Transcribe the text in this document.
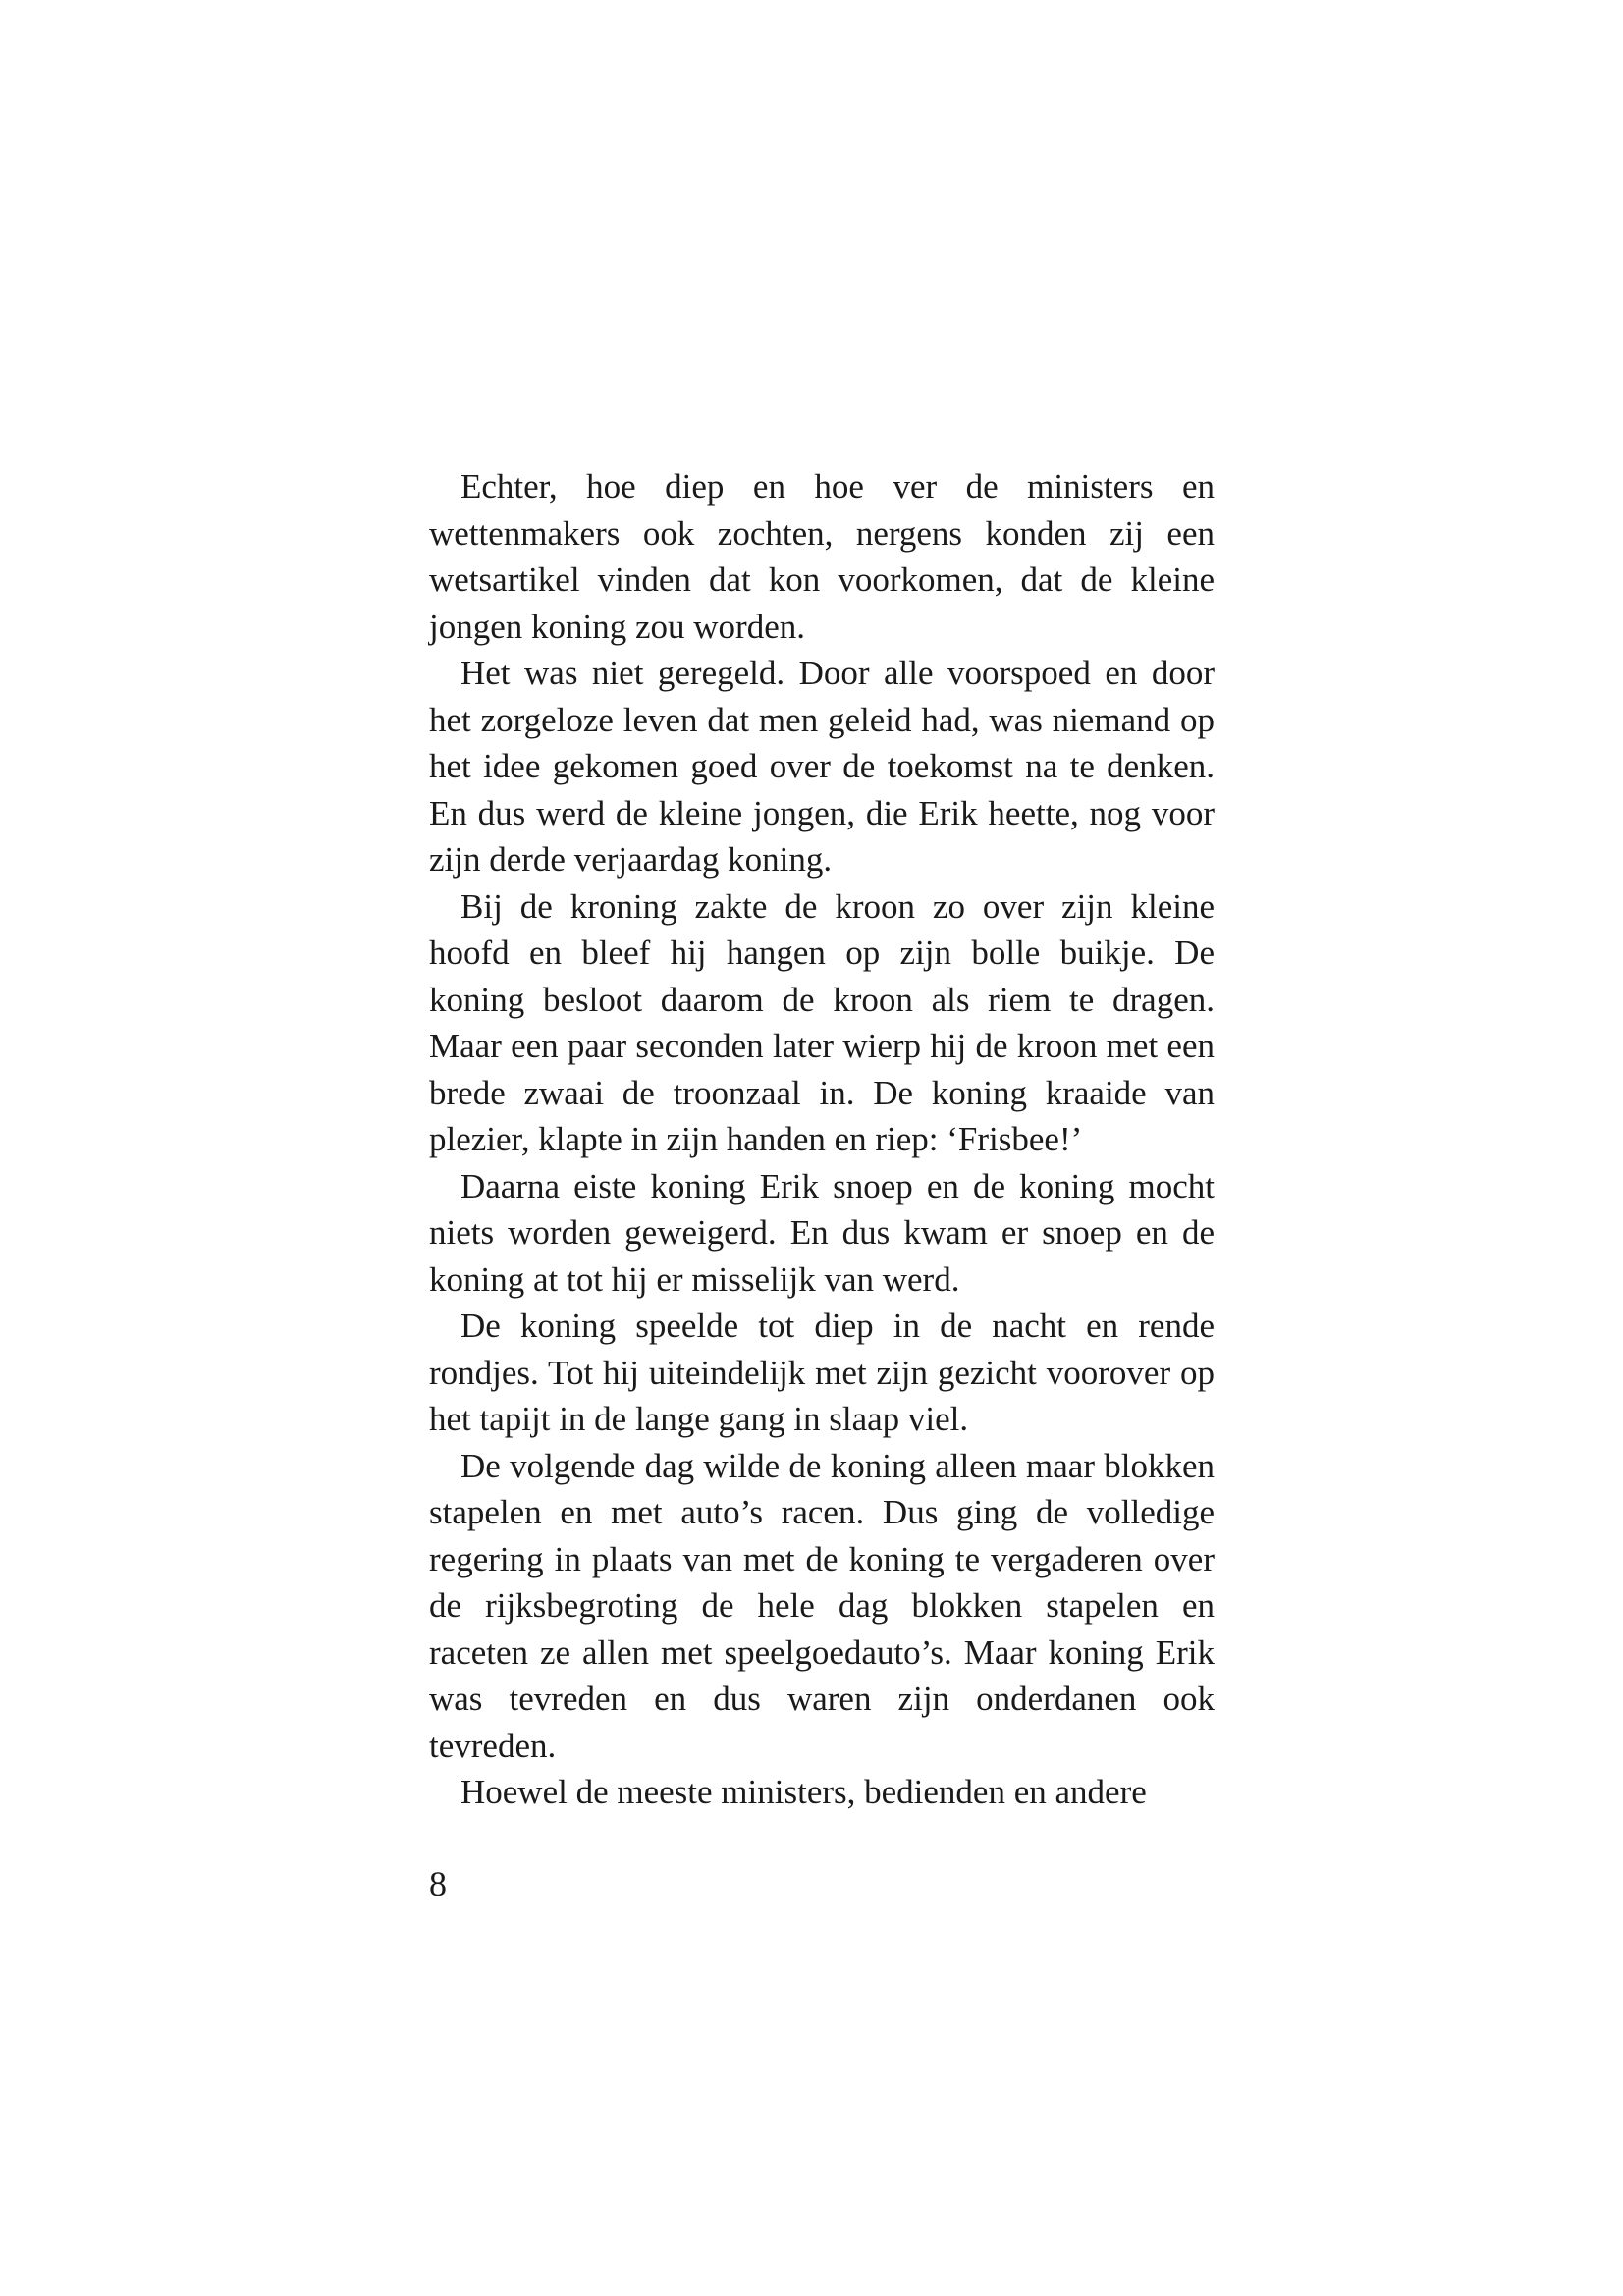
Echter, hoe diep en hoe ver de ministers en wettenmakers ook zochten, nergens konden zij een wetsartikel vinden dat kon voorkomen, dat de kleine jongen koning zou worden.

Het was niet geregeld. Door alle voorspoed en door het zorgeloze leven dat men geleid had, was niemand op het idee gekomen goed over de toekomst na te denken. En dus werd de kleine jongen, die Erik heette, nog voor zijn derde verjaardag koning.

Bij de kroning zakte de kroon zo over zijn kleine hoofd en bleef hij hangen op zijn bolle buikje. De koning besloot daarom de kroon als riem te dragen. Maar een paar seconden later wierp hij de kroon met een brede zwaai de troonzaal in. De koning kraaide van plezier, klapte in zijn handen en riep: ‘Frisbee!’

Daarna eiste koning Erik snoep en de koning mocht niets worden geweigerd. En dus kwam er snoep en de koning at tot hij er misselijk van werd.

De koning speelde tot diep in de nacht en rende rondjes. Tot hij uiteindelijk met zijn gezicht voorover op het tapijt in de lange gang in slaap viel.

De volgende dag wilde de koning alleen maar blokken stapelen en met auto’s racen. Dus ging de volledige regering in plaats van met de koning te vergaderen over de rijksbegroting de hele dag blokken stapelen en raceten ze allen met speelgoedauto’s. Maar koning Erik was tevreden en dus waren zijn onderdanen ook tevreden.

Hoewel de meeste ministers, bedienden en andere

8
